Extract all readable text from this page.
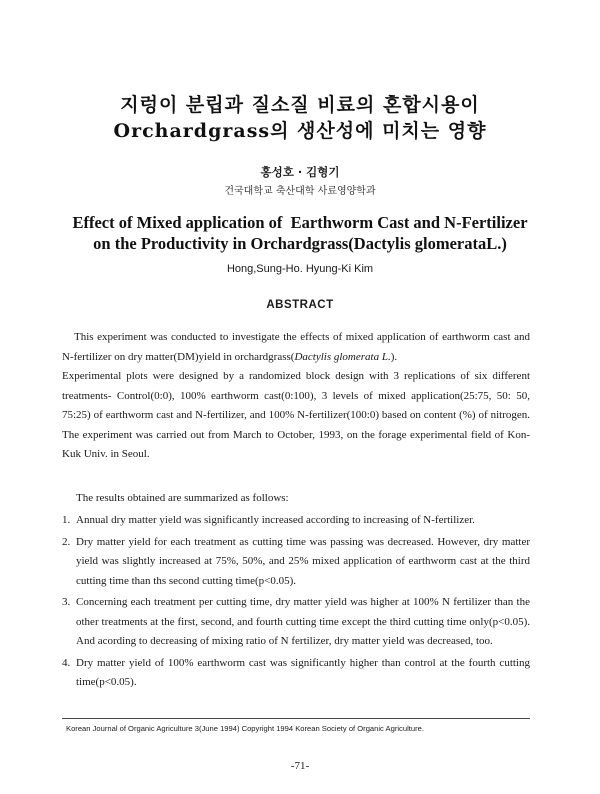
지렁이 분립과 질소질 비료의 혼합시용이
Orchardgrass의 생산성에 미치는 영향
홍성호 · 김형기
건국대학교 축산대학 사료영양학과
Effect of Mixed application of  Earthworm Cast and N-Fertilizer
on the Productivity in Orchardgrass(Dactylis glomerataL.)
Hong,Sung-Ho. Hyung-Ki Kim
ABSTRACT
This experiment was conducted to investigate the effects of mixed application of earthworm cast and N-fertilizer on dry matter(DM)yield in orchardgrass(Dactylis glomerata L.).
Experimental plots were designed by a randomized block design with 3 replications of six different treatments- Control(0:0), 100% earthworm cast(0:100), 3 levels of mixed application(25:75, 50: 50, 75:25) of earthworm cast and N-fertilizer, and 100% N-fertilizer(100:0) based on content (%) of nitrogen. The experiment was carried out from March to October, 1993, on the forage experimental field of Kon-Kuk Univ. in Seoul.
The results obtained are summarized as follows:
1. Annual dry matter yield was significantly increased according to increasing of N-fertilizer.
2. Dry matter yield for each treatment as cutting time was passing was decreased. However, dry matter yield was slightly increased at 75%, 50%, and 25% mixed application of earthworm cast at the third cutting time than ths second cutting time(p<0.05).
3. Concerning each treatment per cutting time, dry matter yield was higher at 100% N fertilizer than the other treatments at the first, second, and fourth cutting time except the third cutting time only(p<0.05). And acording to decreasing of mixing ratio of N fertilizer, dry matter yield was decreased, too.
4. Dry matter yield of 100% earthworm cast was significantly higher than control at the fourth cutting time(p<0.05).
Korean Journal of Organic Agriculture 3(June 1994) Copyright 1994 Korean Society of Organic Agriculture.
-71-
